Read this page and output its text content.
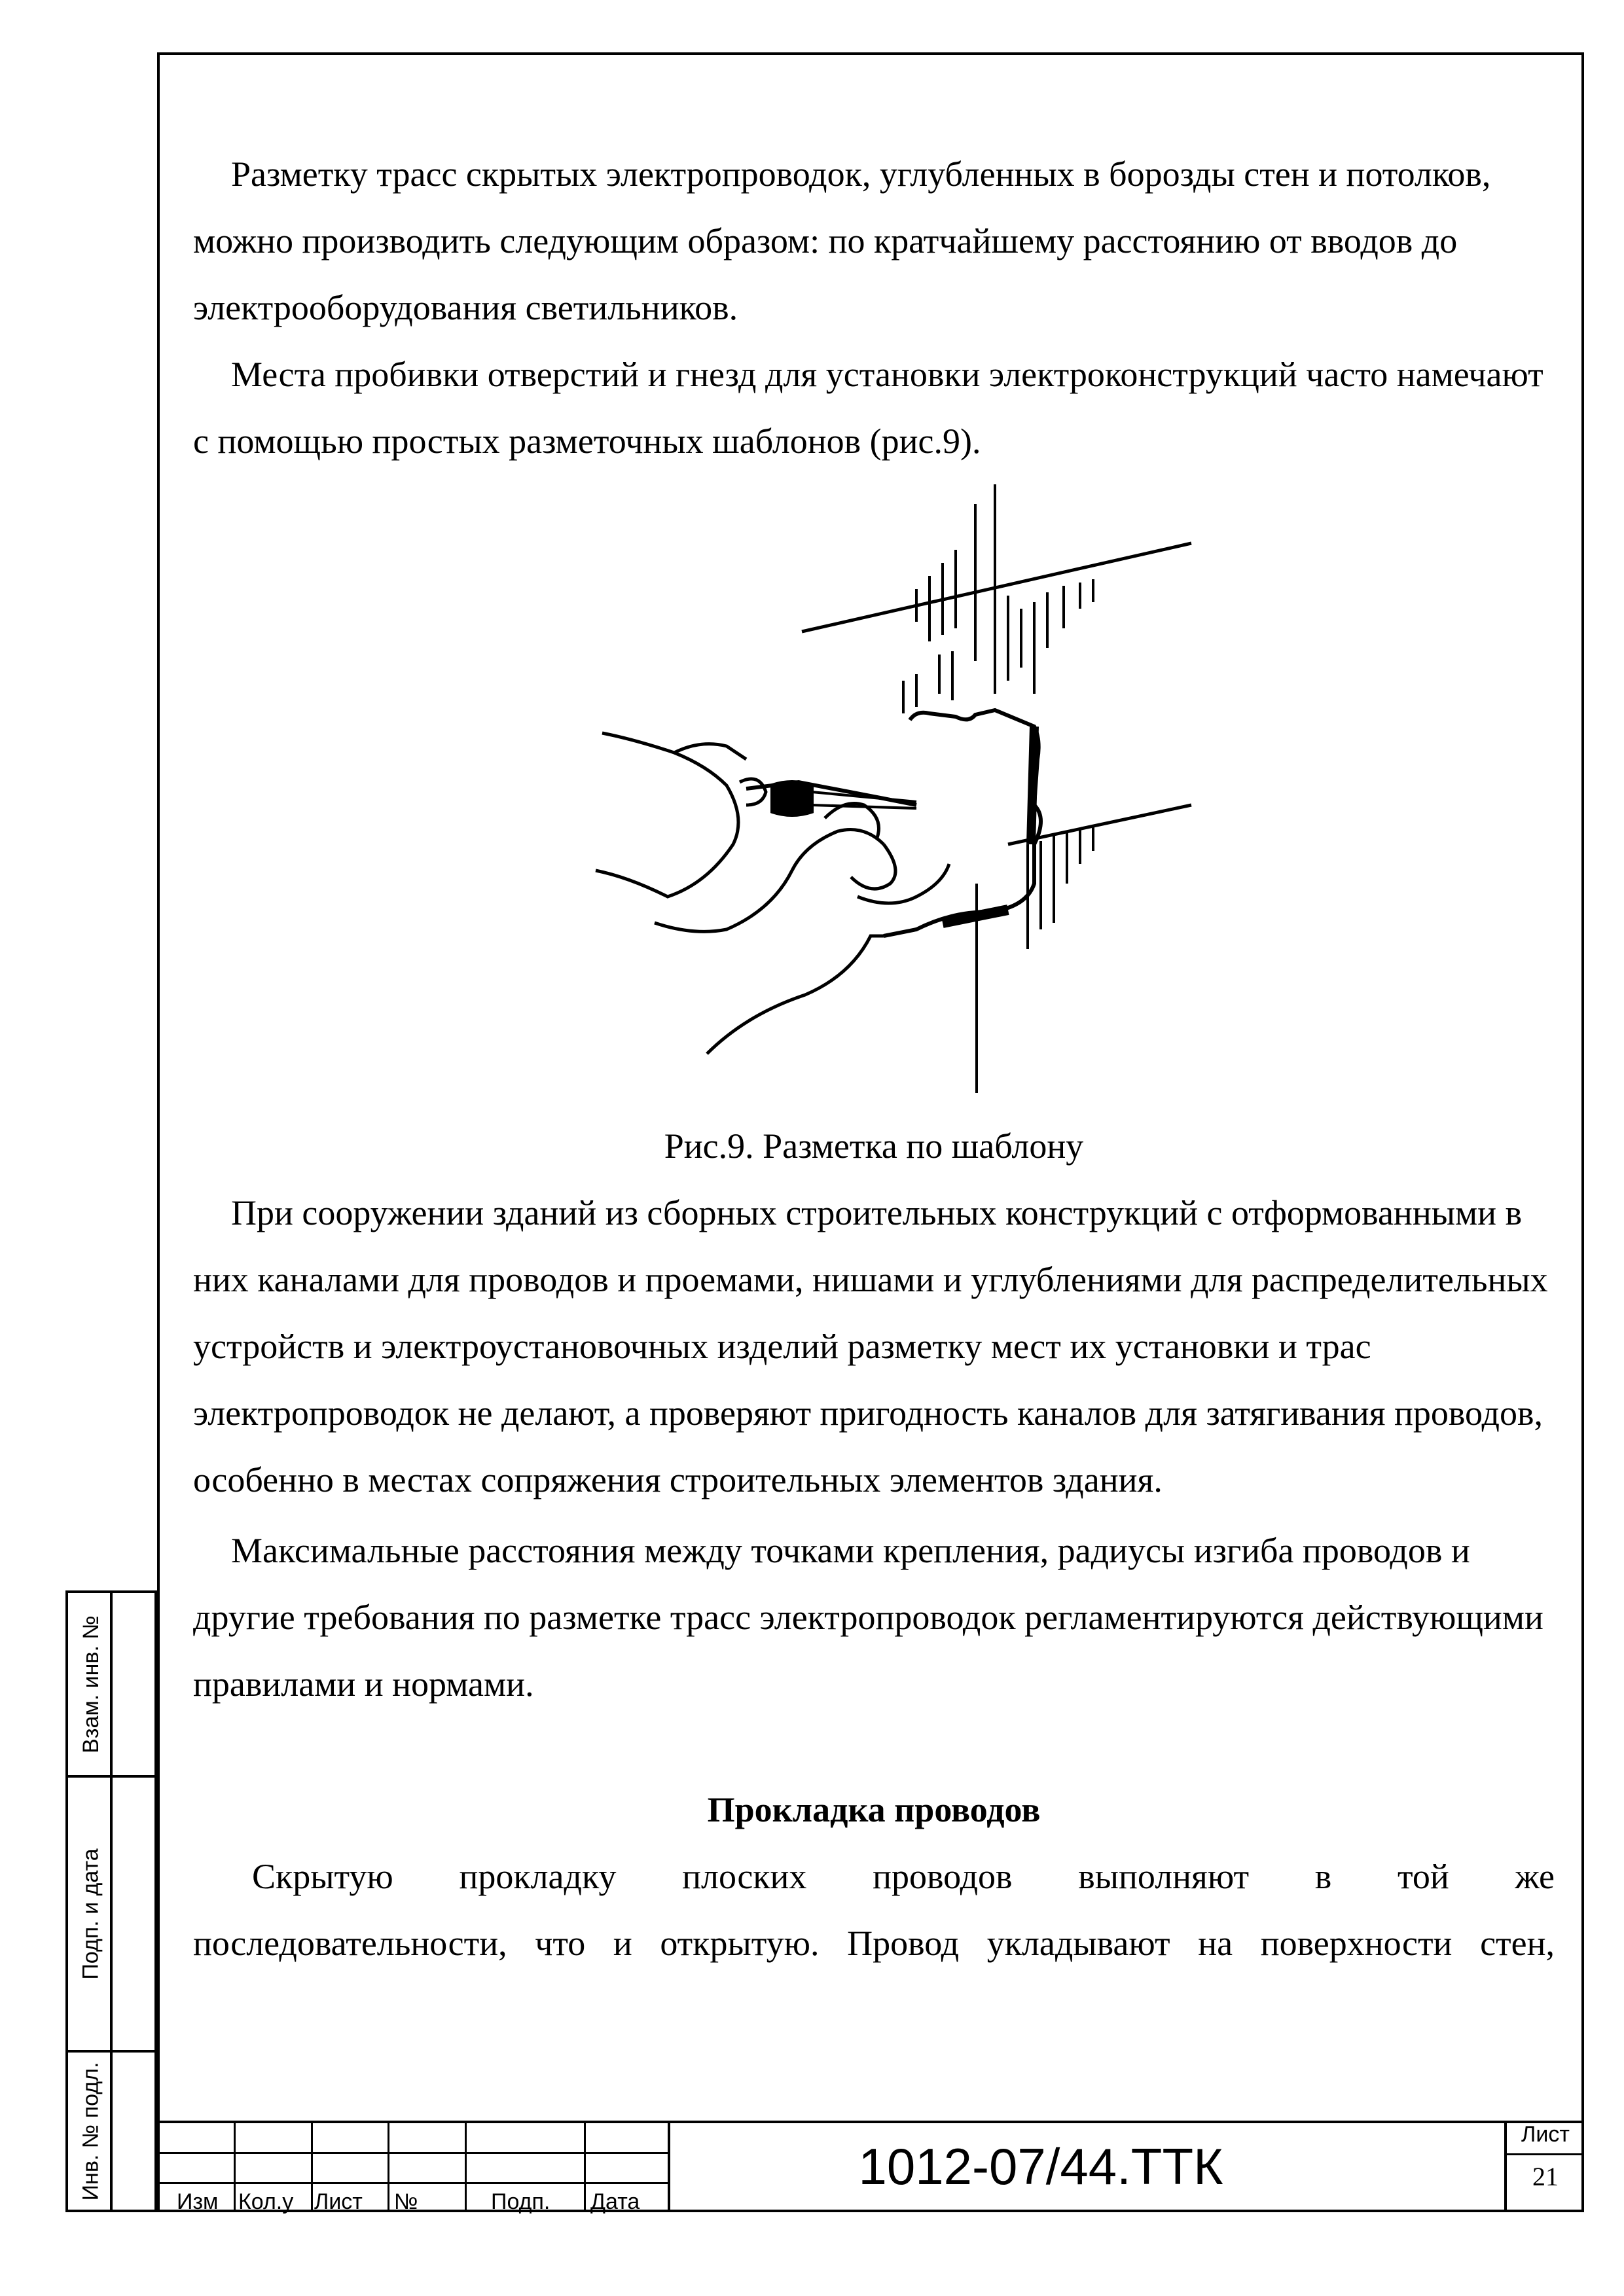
Разметку трасс скрытых электропроводок, углубленных в борозды стен и потолков, можно производить следующим образом: по кратчайшему расстоянию от вводов до электрооборудования светильников.

Места пробивки отверстий и гнезд для установки электроконструкций часто намечают с помощью простых разметочных шаблонов (рис.9).

Рис.9. Разметка по шаблону

При сооружении зданий из сборных строительных конструкций с отформованными в них каналами для проводов и проемами, нишами и углублениями для распределительных устройств и электроустановочных изделий разметку мест их установки и трас электропроводок не делают, а проверяют пригодность каналов для затягивания проводов, особенно в местах сопряжения строительных элементов здания.

Максимальные расстояния между точками крепления, радиусы изгиба проводов и другие требования по разметке трасс электропроводок регламентируются действующими правилами и нормами.

Прокладка проводов

Скрытую прокладку плоских проводов выполняют в той же

последовательности, что и открытую. Провод укладывают на поверхности стен,

Взам. инв. №
Подп. и дата
Инв. № подл.
Изм Кол.у Лист №	Подп. Дата
1012-07/44.ТТК
Лист
21
